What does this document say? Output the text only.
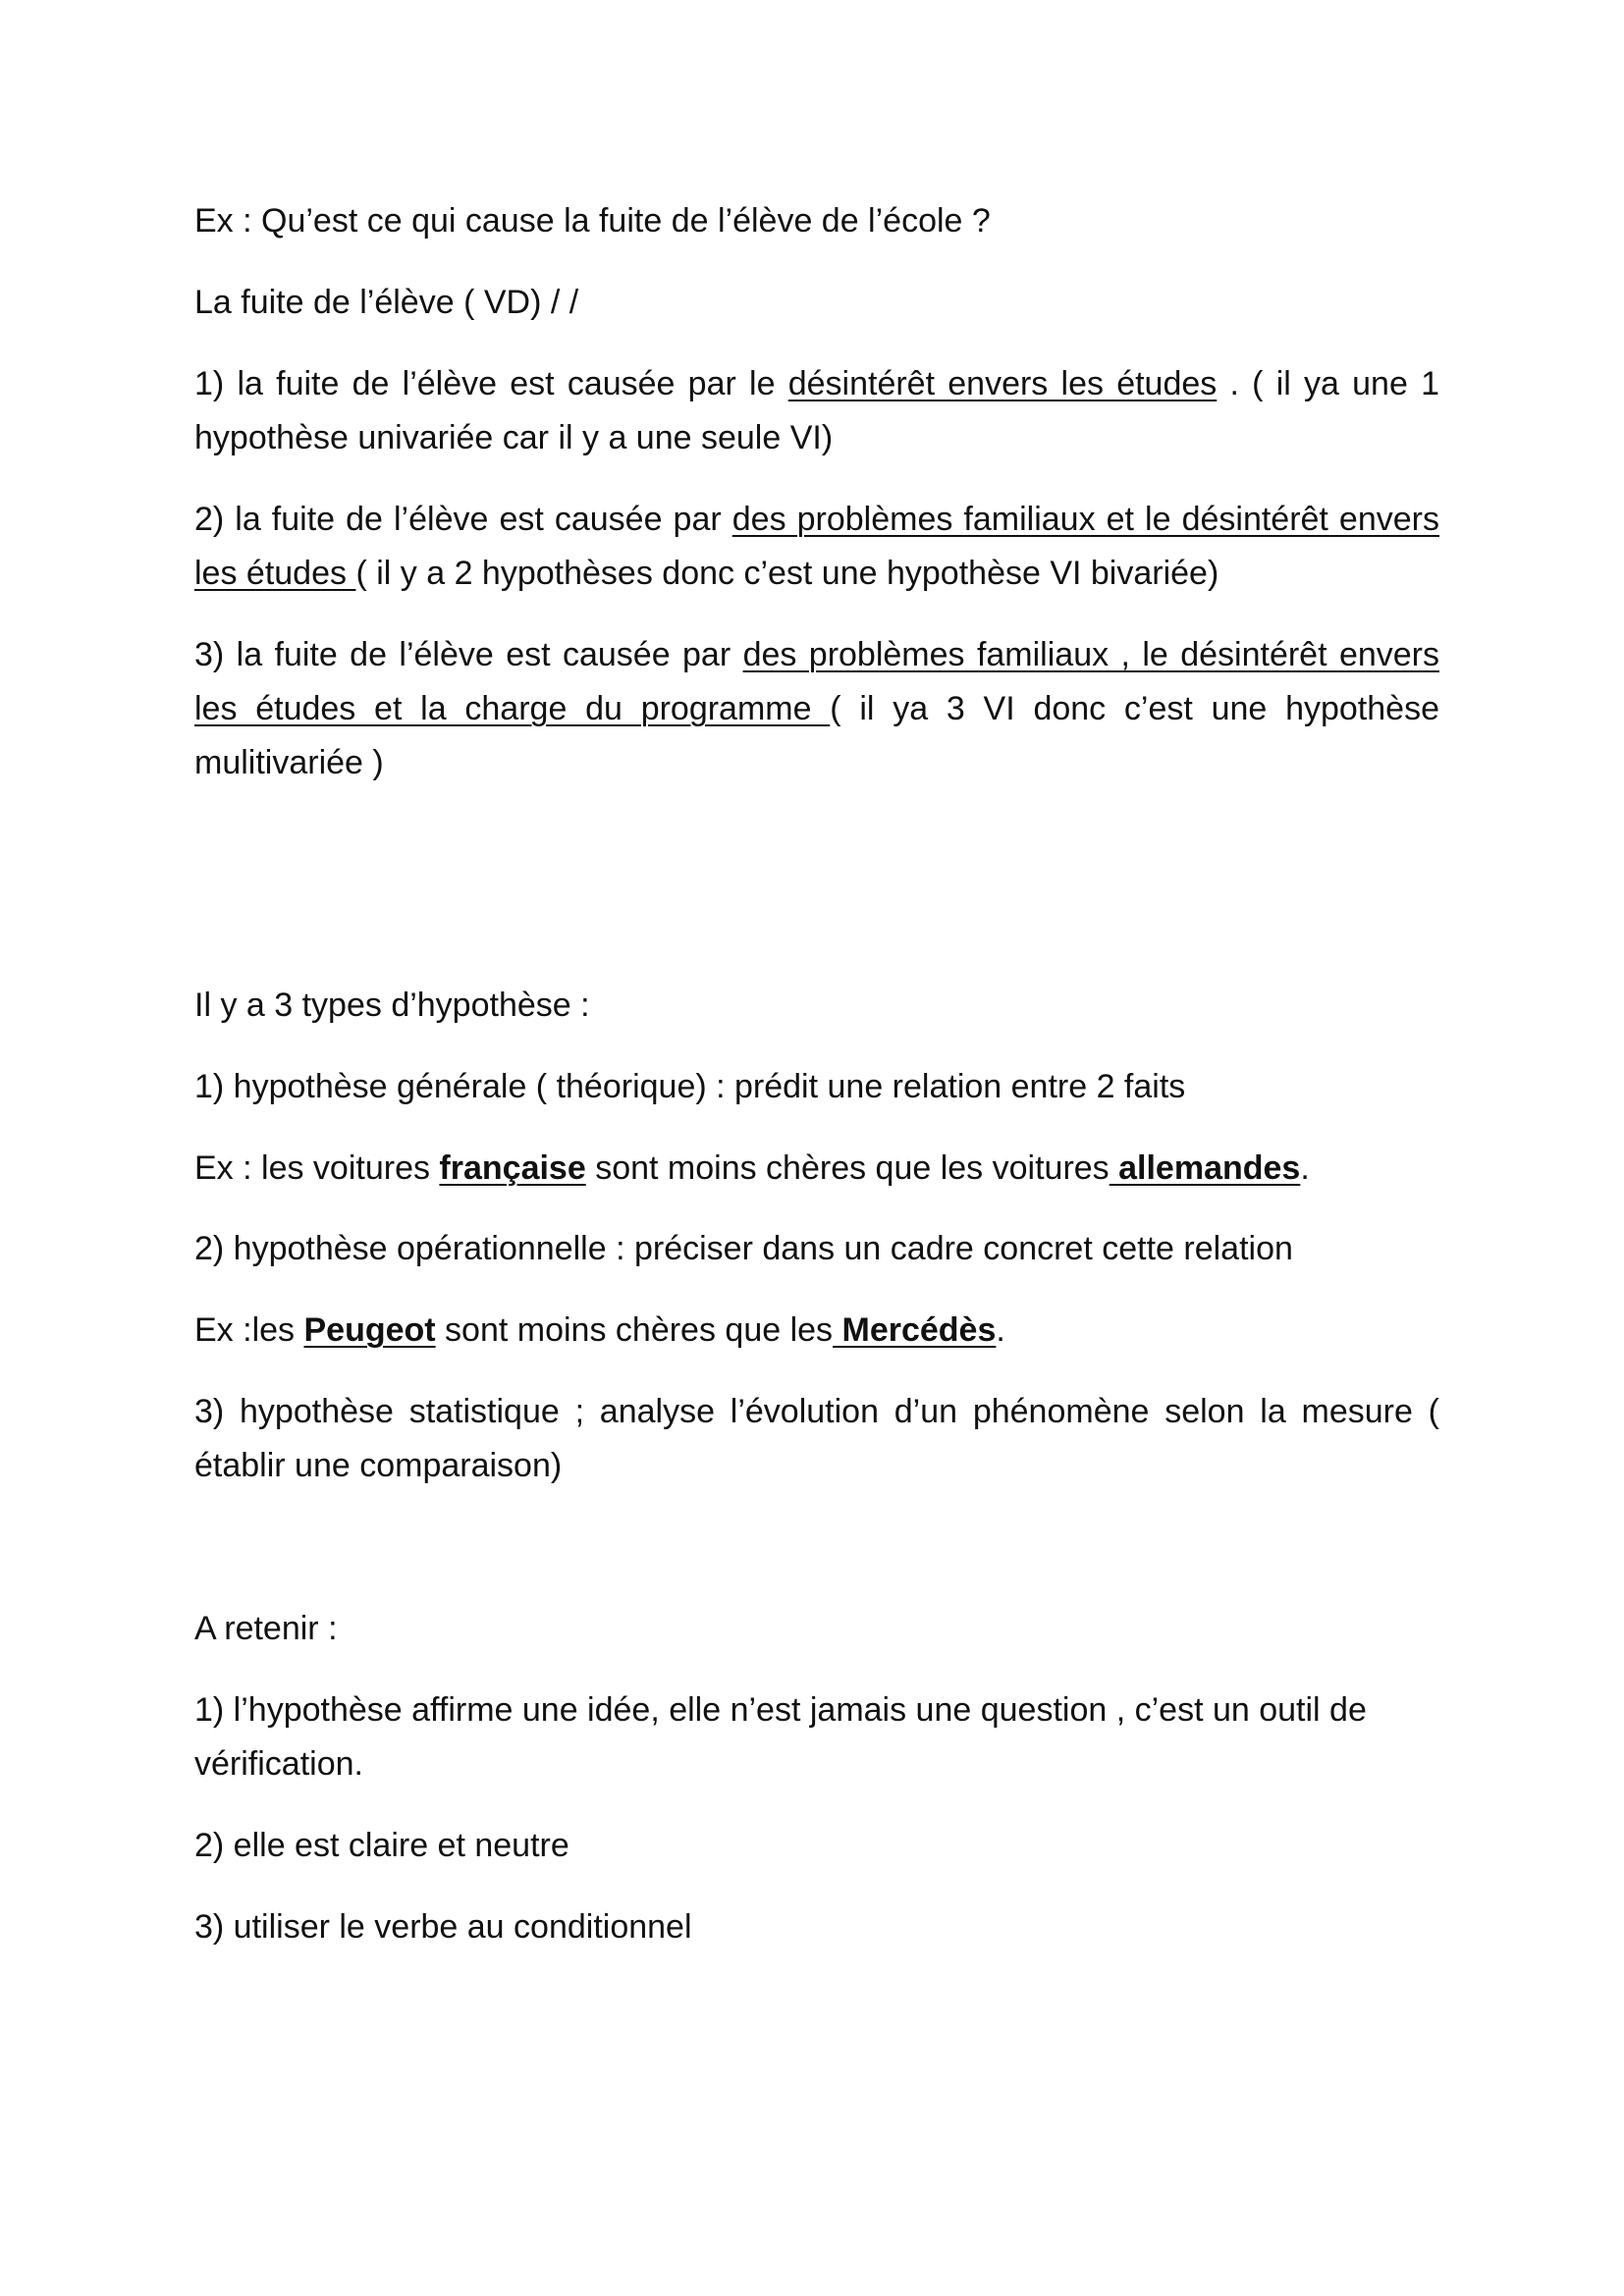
Ex : Qu’est ce qui cause la fuite de l’élève de l’école ?
La fuite de l’élève ( VD) / /
1) la fuite de l’élève est causée par le désintérêt envers les études . ( il ya une 1 hypothèse univariée car il y a une seule VI)
2) la fuite de l’élève est causée par des problèmes familiaux et le désintérêt envers les études ( il y a 2 hypothèses donc c’est une hypothèse VI bivariée)
3) la fuite de l’élève est causée par des problèmes familiaux , le désintérêt envers les études et la charge du programme ( il ya 3 VI donc c’est une hypothèse mulitivariée )
Il y a 3 types d’hypothèse :
1) hypothèse générale ( théorique) : prédit une relation entre 2 faits
Ex : les voitures française sont moins chères que les voitures allemandes.
2) hypothèse opérationnelle : préciser dans un cadre concret cette relation
Ex :les Peugeot sont moins chères que les Mercédès.
3) hypothèse statistique ; analyse l’évolution d’un phénomène selon la mesure ( établir une comparaison)
A retenir :
1) l’hypothèse affirme une idée, elle n’est jamais une question , c’est un outil de vérification.
2) elle est claire et neutre
3) utiliser le verbe au conditionnel
